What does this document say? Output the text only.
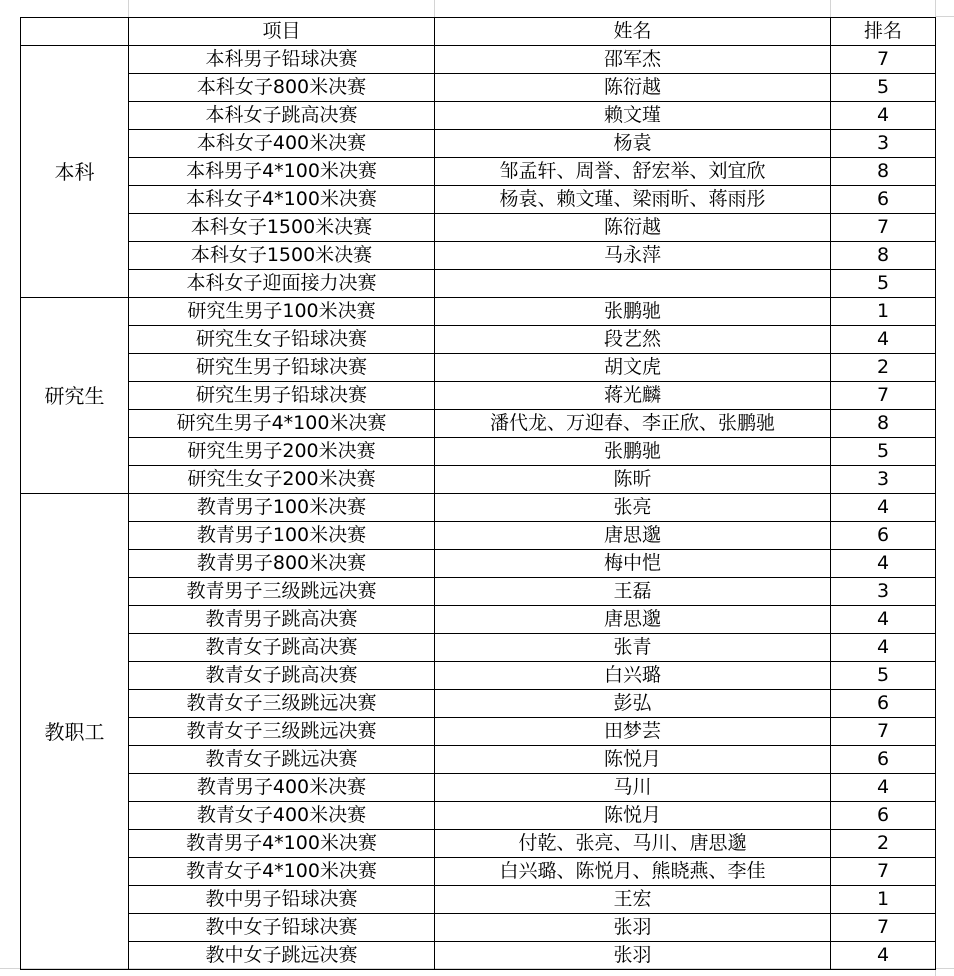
	项目	姓名	排名
本科	本科男子铅球决赛	邵军杰	7
	本科女子800米决赛	陈衍越	5
	本科女子跳高决赛	赖文瑾	4
	本科女子400米决赛	杨袁	3
	本科男子4*100米决赛	邹孟轩、周誉、舒宏举、刘宜欣	8
	本科女子4*100米决赛	杨袁、赖文瑾、梁雨昕、蒋雨彤	6
	本科女子1500米决赛	陈衍越	7
	本科女子1500米决赛	马永萍	8
	本科女子迎面接力决赛		5
研究生	研究生男子100米决赛	张鹏驰	1
	研究生女子铅球决赛	段艺然	4
	研究生男子铅球决赛	胡文虎	2
	研究生男子铅球决赛	蒋光麟	7
	研究生男子4*100米决赛	潘代龙、万迎春、李正欣、张鹏驰	8
	研究生男子200米决赛	张鹏驰	5
	研究生女子200米决赛	陈昕	3
教职工	教青男子100米决赛	张亮	4
	教青男子100米决赛	唐思邈	6
	教青男子800米决赛	梅中恺	4
	教青男子三级跳远决赛	王磊	3
	教青男子跳高决赛	唐思邈	4
	教青女子跳高决赛	张青	4
	教青女子跳高决赛	白兴璐	5
	教青女子三级跳远决赛	彭弘	6
	教青女子三级跳远决赛	田梦芸	7
	教青女子跳远决赛	陈悦月	6
	教青男子400米决赛	马川	4
	教青女子400米决赛	陈悦月	6
	教青男子4*100米决赛	付乾、张亮、马川、唐思邈	2
	教青女子4*100米决赛	白兴璐、陈悦月、熊晓燕、李佳	7
	教中男子铅球决赛	王宏	1
	教中女子铅球决赛	张羽	7
	教中女子跳远决赛	张羽	4
